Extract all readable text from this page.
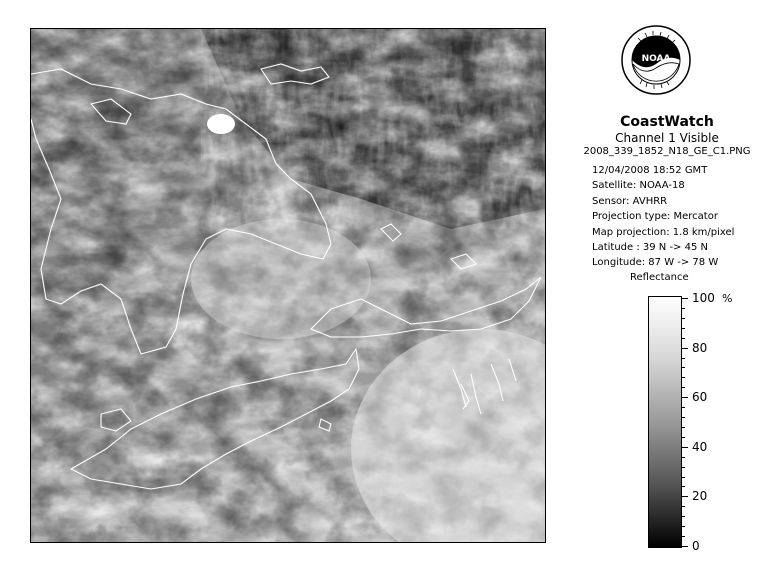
NOAA
CoastWatch
Channel 1 Visible
2008_339_1852_N18_GE_C1.PNG
12/04/2008 18:52 GMT
Satellite: NOAA-18
Sensor: AVHRR
Projection type: Mercator
Map projection: 1.8 km/pixel
Latitude : 39 N -> 45 N
Longitude: 87 W -> 78 W
Reflectance
%
100
80
60
40
20
0
